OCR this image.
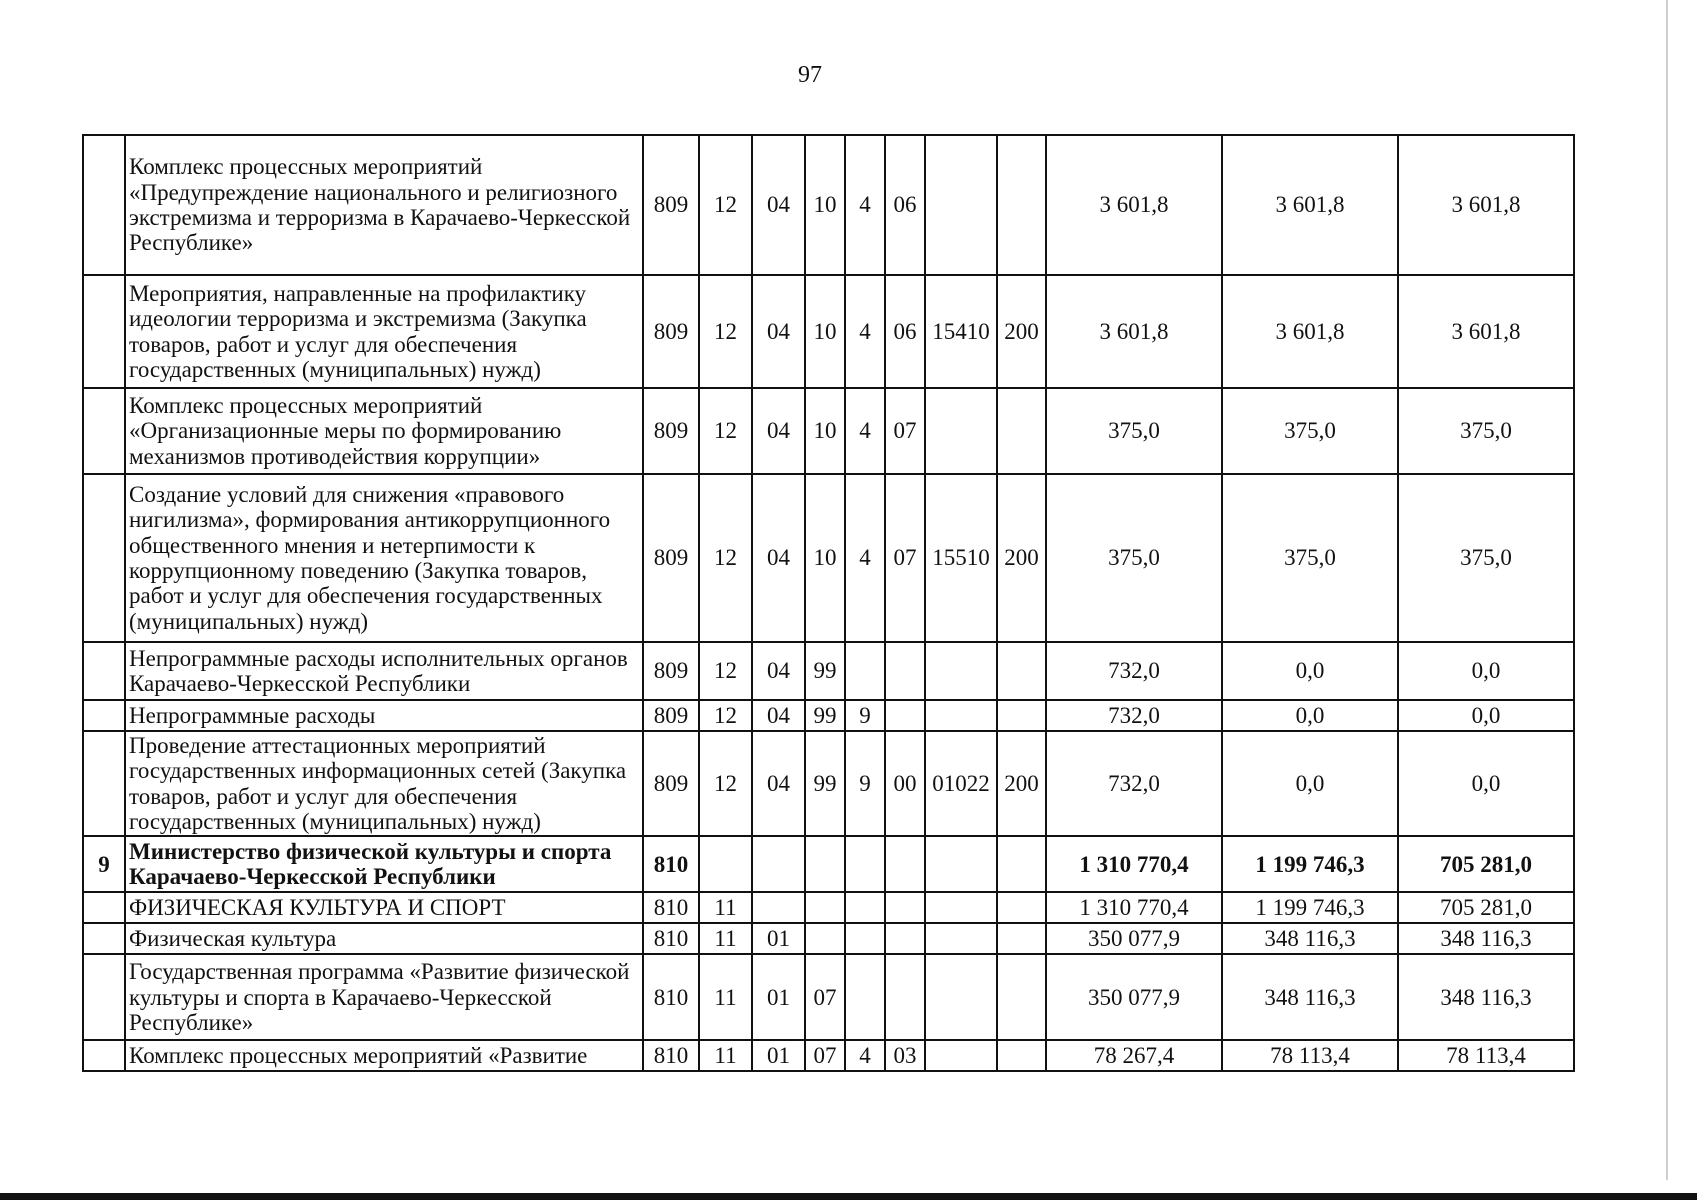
97
	Комплекс процессных мероприятий «Предупреждение национального и религиозного экстремизма и терроризма в Карачаево-Черкесской Республике»	809	12	04	10	4	06			3 601,8	3 601,8	3 601,8
	Мероприятия, направленные на профилактику идеологии терроризма и экстремизма (Закупка товаров, работ и услуг для обеспечения государственных (муниципальных) нужд)	809	12	04	10	4	06	15410	200	3 601,8	3 601,8	3 601,8
	Комплекс процессных мероприятий «Организационные меры по формированию механизмов противодействия коррупции»	809	12	04	10	4	07			375,0	375,0	375,0
	Создание условий для снижения «правового нигилизма», формирования антикоррупционного общественного мнения и нетерпимости к коррупционному поведению (Закупка товаров, работ и услуг для обеспечения государственных (муниципальных) нужд)	809	12	04	10	4	07	15510	200	375,0	375,0	375,0
	Непрограммные расходы исполнительных органов Карачаево-Черкесской Республики	809	12	04	99					732,0	0,0	0,0
	Непрограммные расходы	809	12	04	99	9				732,0	0,0	0,0
	Проведение аттестационных мероприятий государственных информационных сетей (Закупка товаров, работ и услуг для обеспечения государственных (муниципальных) нужд)	809	12	04	99	9	00	01022	200	732,0	0,0	0,0
9	Министерство физической культуры и спорта Карачаево-Черкесской Республики	810								1 310 770,4	1 199 746,3	705 281,0
	ФИЗИЧЕСКАЯ КУЛЬТУРА И СПОРТ	810	11							1 310 770,4	1 199 746,3	705 281,0
	Физическая культура	810	11	01						350 077,9	348 116,3	348 116,3
	Государственная программа «Развитие физической культуры и спорта в Карачаево-Черкесской Республике»	810	11	01	07					350 077,9	348 116,3	348 116,3
	Комплекс процессных мероприятий «Развитие	810	11	01	07	4	03			78 267,4	78 113,4	78 113,4
